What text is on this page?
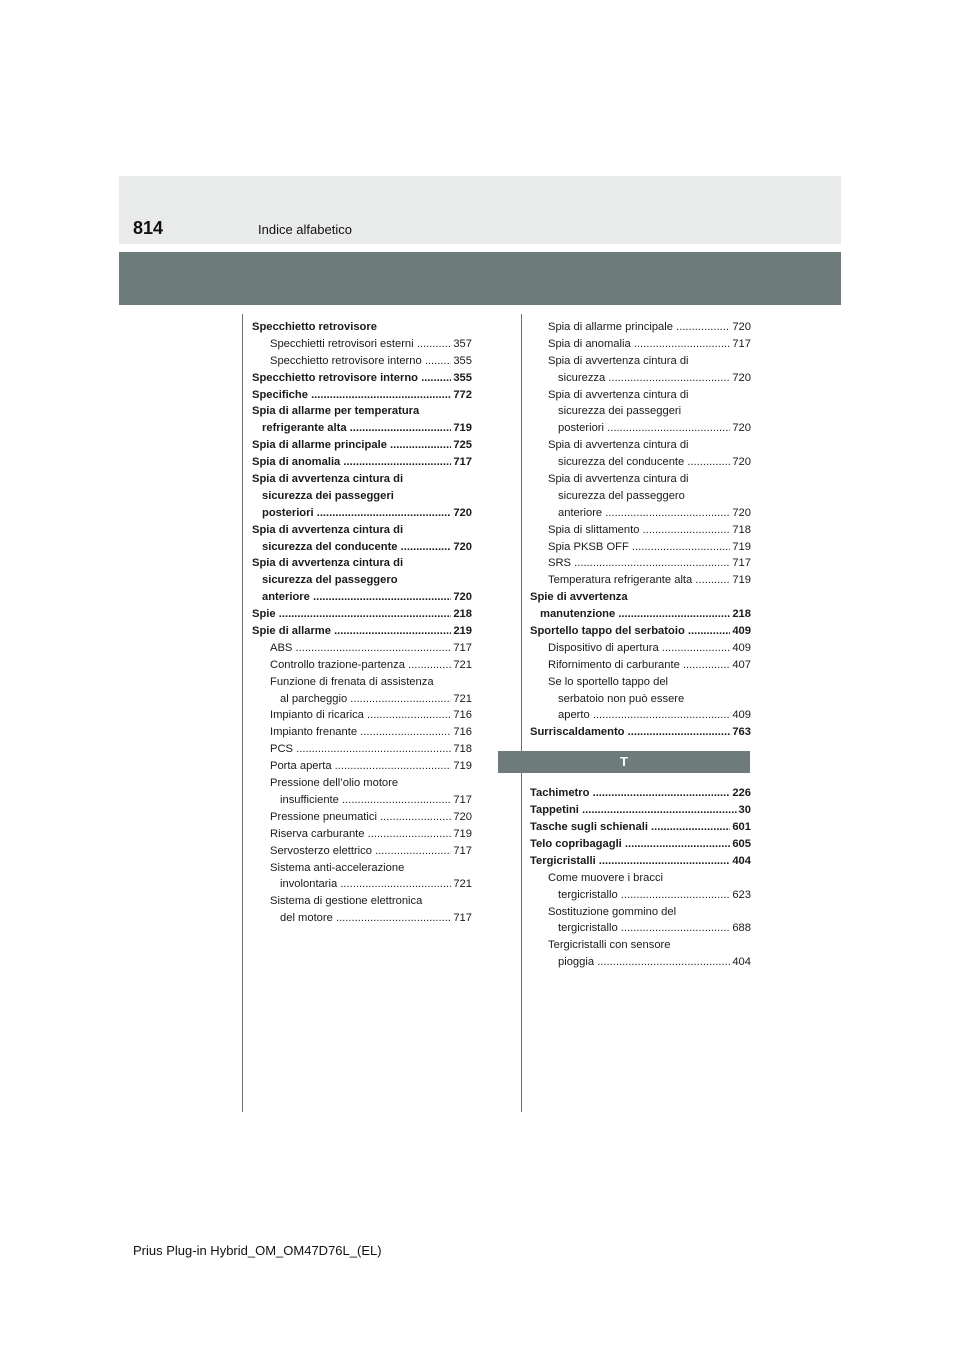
814	Indice alfabetico
Specchietto retrovisore
Specchietti retrovisori esterni .....	357
Specchietto retrovisore interno .....	355
Specchietto retrovisore interno .....	355
Specifiche .....	772
Spia di allarme per temperatura
refrigerante alta .....	719
Spia di allarme principale .....	725
Spia di anomalia .....	717
Spia di avvertenza cintura di
sicurezza dei passeggeri
posteriori .....	720
Spia di avvertenza cintura di
sicurezza del conducente .....	720
Spia di avvertenza cintura di
sicurezza del passeggero
anteriore .....	720
Spie .....	218
Spie di allarme .....	219
ABS .....	717
Controllo trazione-partenza .....	721
Funzione di frenata di assistenza
al parcheggio .....	721
Impianto di ricarica .....	716
Impianto frenante .....	716
PCS .....	718
Porta aperta .....	719
Pressione dell’olio motore
insufficiente .....	717
Pressione pneumatici .....	720
Riserva carburante .....	719
Servosterzo elettrico .....	717
Sistema anti-accelerazione
involontaria .....	721
Sistema di gestione elettronica
del motore .....	717
Spia di allarme principale .....	720
Spia di anomalia .....	717
Spia di avvertenza cintura di
sicurezza .....	720
Spia di avvertenza cintura di
sicurezza dei passeggeri
posteriori .....	720
Spia di avvertenza cintura di
sicurezza del conducente .....	720
Spia di avvertenza cintura di
sicurezza del passeggero
anteriore .....	720
Spia di slittamento .....	718
Spia PKSB OFF .....	719
SRS .....	717
Temperatura refrigerante alta .....	719
Spie di avvertenza
manutenzione .....	218
Sportello tappo del serbatoio .....	409
Dispositivo di apertura .....	409
Rifornimento di carburante .....	407
Se lo sportello tappo del
serbatoio non può essere
aperto .....	409
Surriscaldamento .....	763
T
Tachimetro .....	226
Tappetini .....	30
Tasche sugli schienali .....	601
Telo copribagagli .....	605
Tergicristalli .....	404
Come muovere i bracci
tergicristallo .....	623
Sostituzione gommino del
tergicristallo .....	688
Tergicristalli con sensore
pioggia .....	404
Prius Plug-in Hybrid_OM_OM47D76L_(EL)
